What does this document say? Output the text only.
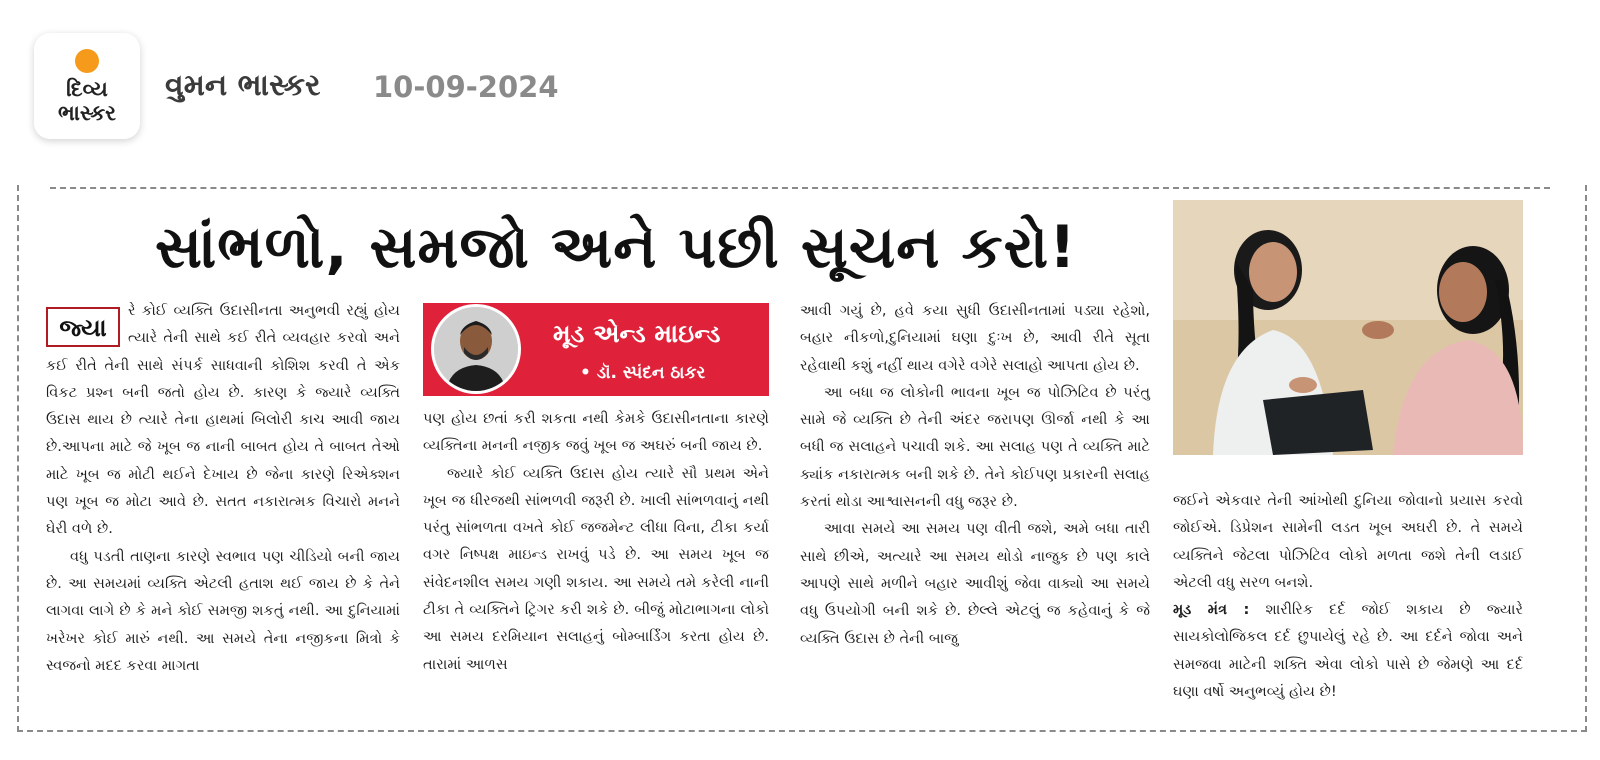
દિવ્ય
ભાસ્કર
વુમન ભાસ્કર 10-09-2024
સાંભળો, સમજો અને પછી સૂચન કરો!

જ્યા
રે કોઈ વ્યક્તિ ઉદાસીનતા અનુભવી રહ્યું હોય ત્યારે તેની સાથે કઈ રીતે વ્યવહાર કરવો અને કઈ રીતે તેની સાથે સંપર્ક સાધવાની કોશિશ કરવી તે એક વિકટ પ્રશ્ન બની જતો હોય છે. કારણ કે જ્યારે વ્યક્તિ ઉદાસ થાય છે ત્યારે તેના હાથમાં બિલોરી કાચ આવી જાય છે.આપના માટે જે ખૂબ જ નાની બાબત હોય તે બાબત તેઓ માટે ખૂબ જ મોટી થઈને દેખાય છે જેના કારણે રિએક્શન પણ ખૂબ જ મોટા આવે છે. સતત નકારાત્મક વિચારો મનને ઘેરી વળે છે.

વધુ પડતી તાણના કારણે સ્વભાવ પણ ચીડિયો બની જાય છે. આ સમયમાં વ્યક્તિ એટલી હતાશ થઈ જાય છે કે તેને લાગવા લાગે છે કે મને કોઈ સમજી શકતું નથી. આ દુનિયામાં ખરેખર કોઈ મારું નથી. આ સમયે તેના નજીકના મિત્રો કે સ્વજનો મદદ કરવા માગતા

મૂડ એન્ડ માઇન્ડ
• ડૉ. સ્પંદન ઠાકર

પણ હોય છતાં કરી શકતા નથી કેમકે ઉદાસીનતાના કારણે વ્યક્તિના મનની નજીક જવું ખૂબ જ અઘરું બની જાય છે.

જ્યારે કોઈ વ્યક્તિ ઉદાસ હોય ત્યારે સૌ પ્રથમ એને ખૂબ જ ધીરજથી સાંભળવી જરૂરી છે. ખાલી સાંભળવાનું નથી પરંતુ સાંભળતા વખતે કોઈ જજમેન્ટ લીધા વિના, ટીકા કર્યા વગર નિષ્પક્ષ માઇન્ડ રાખવું પડે છે. આ સમય ખૂબ જ સંવેદનશીલ સમય ગણી શકાય. આ સમયે તમે કરેલી નાની ટીકા તે વ્યક્તિને ટ્રિગર કરી શકે છે. બીજું મોટાભાગના લોકો આ સમય દરમિયાન સલાહનું બોમ્બાર્ડિંગ કરતા હોય છે. તારામાં આળસ

આવી ગયું છે, હવે કયા સુધી ઉદાસીનતામાં પડ્યા રહેશો, બહાર નીકળો,દુનિયામાં ઘણા દુઃખ છે, આવી રીતે સૂતા રહેવાથી કશું નહીં થાય વગેરે વગેરે સલાહો આપતા હોય છે.

આ બધા જ લોકોની ભાવના ખૂબ જ પોઝિટિવ છે પરંતુ સામે જે વ્યક્તિ છે તેની અંદર જરાપણ ઊર્જા નથી કે આ બધી જ સલાહને પચાવી શકે. આ સલાહ પણ તે વ્યક્તિ માટે ક્યાંક નકારાત્મક બની શકે છે. તેને કોઈપણ પ્રકારની સલાહ કરતાં થોડા આશ્વાસનની વધુ જરૂર છે.

આવા સમયે આ સમય પણ વીતી જશે, અમે બધા તારી સાથે છીએ, અત્યારે આ સમય થોડો નાજુક છે પણ કાલે આપણે સાથે મળીને બહાર આવીશું જેવા વાક્યો આ સમયે વધુ ઉપયોગી બની શકે છે. છેલ્લે એટલું જ કહેવાનું કે જે વ્યક્તિ ઉદાસ છે તેની બાજુ

જઈને એકવાર તેની આંખોથી દુનિયા જોવાનો પ્રયાસ કરવો જોઈએ. ડિપ્રેશન સામેની લડત ખૂબ અઘરી છે. તે સમયે વ્યક્તિને જેટલા પોઝિટિવ લોકો મળતા જશે તેની લડાઈ એટલી વધુ સરળ બનશે.

મૂડ મંત્ર : શારીરિક દર્દ જોઈ શકાય છે જ્યારે સાયકોલોજિકલ દર્દ છુપાયેલું રહે છે. આ દર્દને જોવા અને સમજવા માટેની શક્તિ એવા લોકો પાસે છે જેમણે આ દર્દ ઘણા વર્ષો અનુભવ્યું હોય છે!
